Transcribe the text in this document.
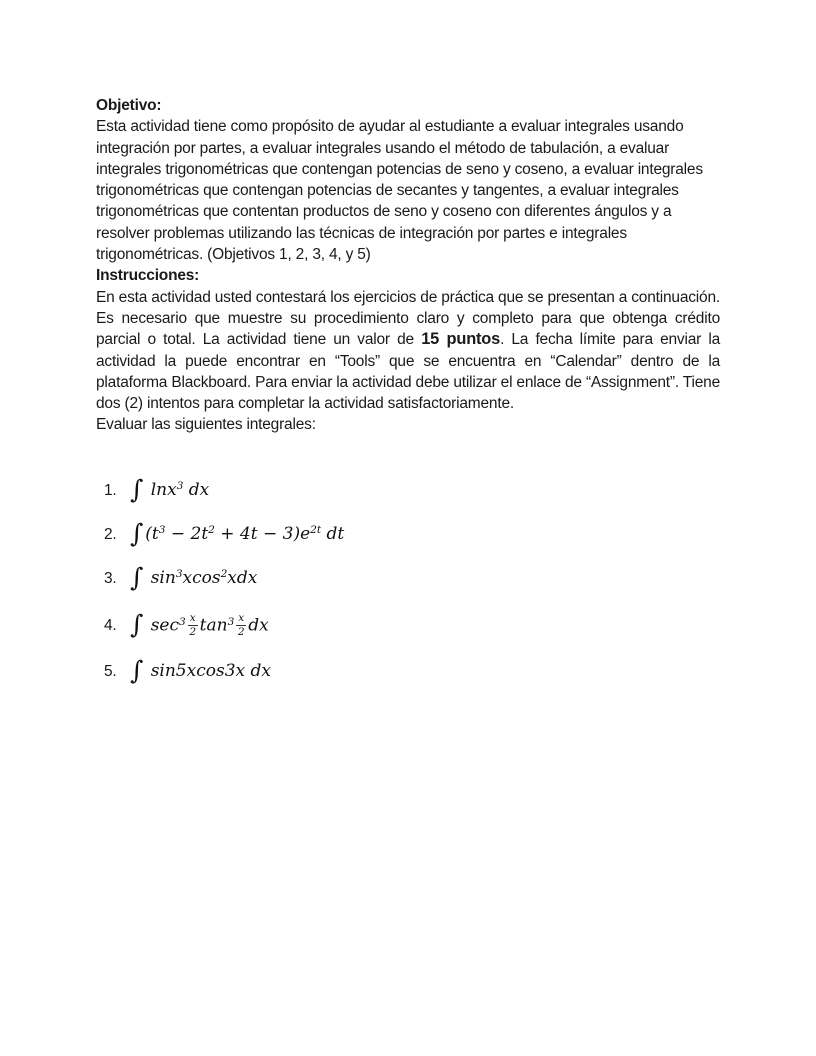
Objetivo:

Esta actividad tiene como propósito de ayudar al estudiante a evaluar integrales usando integración por partes, a evaluar integrales usando el método de tabulación, a evaluar integrales trigonométricas que contengan potencias de seno y coseno, a evaluar integrales trigonométricas que contengan potencias de secantes y tangentes, a evaluar integrales trigonométricas que contentan productos de seno y coseno con diferentes ángulos y a resolver problemas utilizando las técnicas de integración por partes e integrales trigonométricas. (Objetivos 1, 2, 3, 4, y 5)

Instrucciones:

En esta actividad usted contestará los ejercicios de práctica que se presentan a continuación. Es necesario que muestre su procedimiento claro y completo para que obtenga crédito parcial o total. La actividad tiene un valor de 15 puntos. La fecha límite para enviar la actividad la puede encontrar en “Tools” que se encuentra en “Calendar” dentro de la plataforma Blackboard. Para enviar la actividad debe utilizar el enlace de “Assignment”. Tiene dos (2) intentos para completar la actividad satisfactoriamente.

Evaluar las siguientes integrales:

1. ∫ lnx$^3$ dx
2. ∫ $(t^3 - 2t^2 + 4t - 3)e^{2t}$ dt
3. ∫ $\sin^3xcos^2xdx$
4. ∫ $\sec^3 \frac{x}{2} \tan^3 \frac{x}{2}$ dx
5. ∫ sin5xcos3x dx
